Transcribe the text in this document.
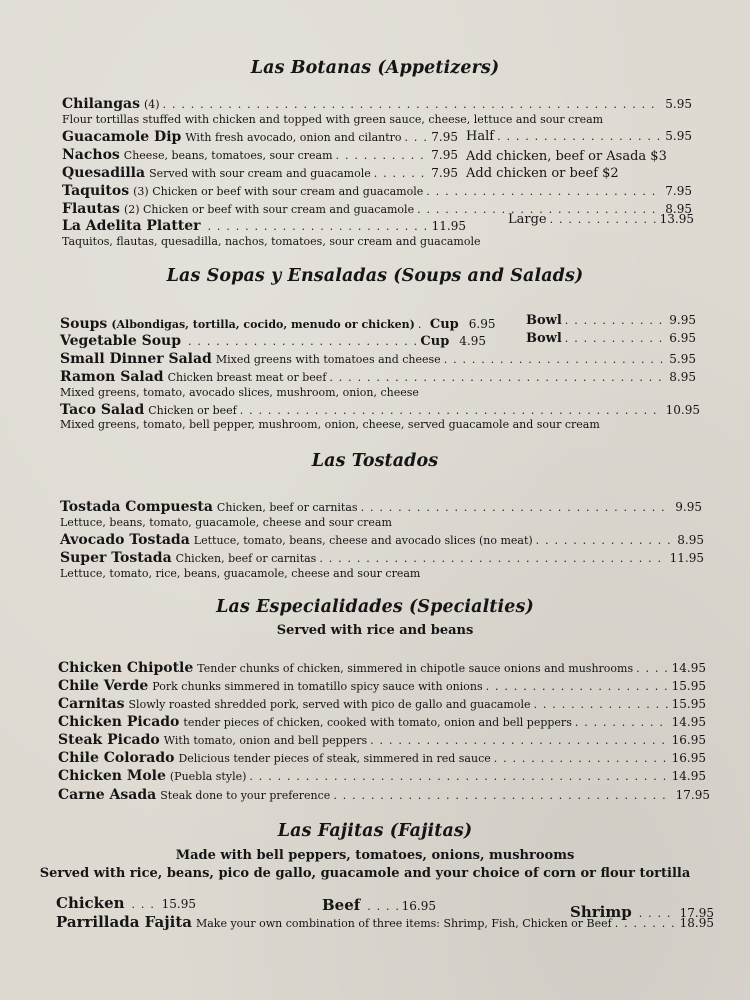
Las Botanas (Appetizers)
Chilangas (4) . . .	5.95
Flour tortillas stuffed with chicken and topped with green sauce, cheese, lettuce and sour cream
Guacamole Dip With fresh avocado, onion and cilantro . . . 7.95 Half . . .	5.95
Nachos Cheese, beans, tomatoes, sour cream . . .	7.95 Add chicken, beef or Asada $3
Quesadilla Served with sour cream and guacamole . . .	7.95 Add chicken or beef $2
Taquitos (3) Chicken or beef with sour cream and guacamole . . .	7.95
Flautas (2) Chicken or beef with sour cream and guacamole . . .	8.95
La Adelita Platter . . .	11.95	Large . . .	13.95
Taquitos, flautas, quesadilla, nachos, tomatoes, sour cream and guacamole
Las Sopas y Ensaladas (Soups and Salads)
Soups (Albondigas, tortilla, cocido, menudo or chicken) . . . Cup 6.95 Bowl . . .	9.95
Vegetable Soup . . .	Cup 4.95	Bowl . . .	6.95
Small Dinner Salad Mixed greens with tomatoes and cheese . . .	5.95
Ramon Salad Chicken breast meat or beef . . .	8.95
Mixed greens, tomato, avocado slices, mushroom, onion, cheese
Taco Salad Chicken or beef . . .	10.95
Mixed greens, tomato, bell pepper, mushroom, onion, cheese, served guacamole and sour cream
Las Tostados
Tostada Compuesta Chicken, beef or carnitas . . .	9.95
Lettuce, beans, tomato, guacamole, cheese and sour cream
Avocado Tostada Lettuce, tomato, beans, cheese and avocado slices (no meat) . . .	8.95
Super Tostada Chicken, beef or carnitas . . .	11.95
Lettuce, tomato, rice, beans, guacamole, cheese and sour cream
Las Especialidades (Specialties)
Served with rice and beans
Chicken Chipotle Tender chunks of chicken, simmered in chipotle sauce onions and mushrooms . . .	14.95
Chile Verde Pork chunks simmered in tomatillo spicy sauce with onions . . .	15.95
Carnitas Slowly roasted shredded pork, served with pico de gallo and guacamole . . .	15.95
Chicken Picado tender pieces of chicken, cooked with tomato, onion and bell peppers . . .	14.95
Steak Picado With tomato, onion and bell peppers . . .	16.95
Chile Colorado Delicious tender pieces of steak, simmered in red sauce . . .	16.95
Chicken Mole (Puebla style) . . .	14.95
Carne Asada Steak done to your preference . . .	17.95
Las Fajitas (Fajitas)
Made with bell peppers, tomatoes, onions, mushrooms
Served with rice, beans, pico de gallo, guacamole and your choice of corn or flour tortilla
Chicken . . .	15.95	Beef . . .	16.95	Shrimp . . .	17.95
Parrillada Fajita Make your own combination of three items: Shrimp, Fish, Chicken or Beef . . .	18.95
